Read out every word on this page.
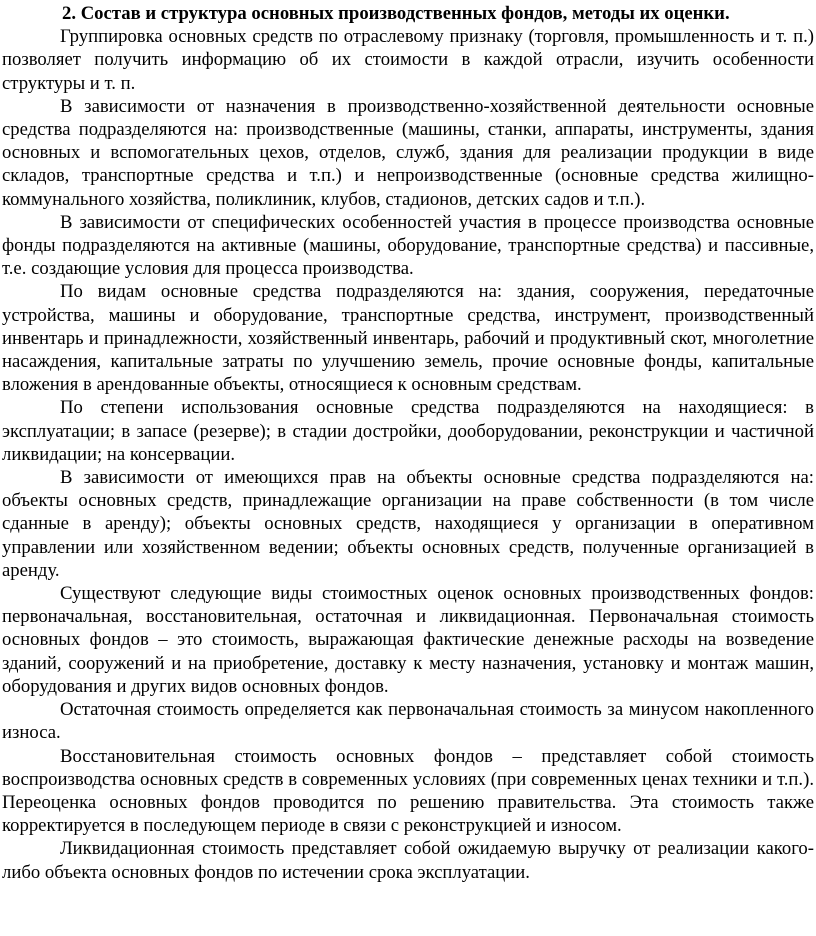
2. Состав и структура основных производственных фондов, методы их оценки.

Группировка основных средств по отраслевому признаку (торговля, промышленность и т. п.) позволяет получить информацию об их стоимости в каждой отрасли, изучить особенности структуры и т. п.

В зависимости от назначения в производственно-хозяйственной деятельности основные средства подразделяются на: производственные (машины, станки, аппараты, инструменты, здания основных и вспомогательных цехов, отделов, служб, здания для реализации продукции в виде складов, транспортные средства и т.п.) и непроизводственные (основные средства жилищно-коммунального хозяйства, поликлиник, клубов, стадионов, детских садов и т.п.).

В зависимости от специфических особенностей участия в процессе производства основные фонды подразделяются на активные (машины, оборудование, транспортные средства) и пассивные, т.е. создающие условия для процесса производства.

По видам основные средства подразделяются на: здания, сооружения, передаточные устройства, машины и оборудование, транспортные средства, инструмент, производственный инвентарь и принадлежности, хозяйственный инвентарь, рабочий и продуктивный скот, многолетние насаждения, капитальные затраты по улучшению земель, прочие основные фонды, капитальные вложения в арендованные объекты, относящиеся к основным средствам.

По степени использования основные средства подразделяются на находящиеся: в эксплуатации; в запасе (резерве); в стадии достройки, дооборудовании, реконструкции и частичной ликвидации; на консервации.

В зависимости от имеющихся прав на объекты основные средства подразделяются на: объекты основных средств, принадлежащие организации на праве собственности (в том числе сданные в аренду); объекты основных средств, находящиеся у организации в оперативном управлении или хозяйственном ведении; объекты основных средств, полученные организацией в аренду.

Существуют следующие виды стоимостных оценок основных производственных фондов: первоначальная, восстановительная, остаточная и ликвидационная. Первоначальная стоимость основных фондов – это стоимость, выражающая фактические денежные расходы на возведение зданий, сооружений и на приобретение, доставку к месту назначения, установку и монтаж машин, оборудования и других видов основных фондов.

Остаточная стоимость определяется как первоначальная стоимость за минусом накопленного износа.

Восстановительная стоимость основных фондов – представляет собой стоимость воспроизводства основных средств в современных условиях (при современных ценах техники и т.п.). Переоценка основных фондов проводится по решению правительства. Эта стоимость также корректируется в последующем периоде в связи с реконструкцией и износом.

Ликвидационная стоимость представляет собой ожидаемую выручку от реализации какого-либо объекта основных фондов по истечении срока эксплуатации.
